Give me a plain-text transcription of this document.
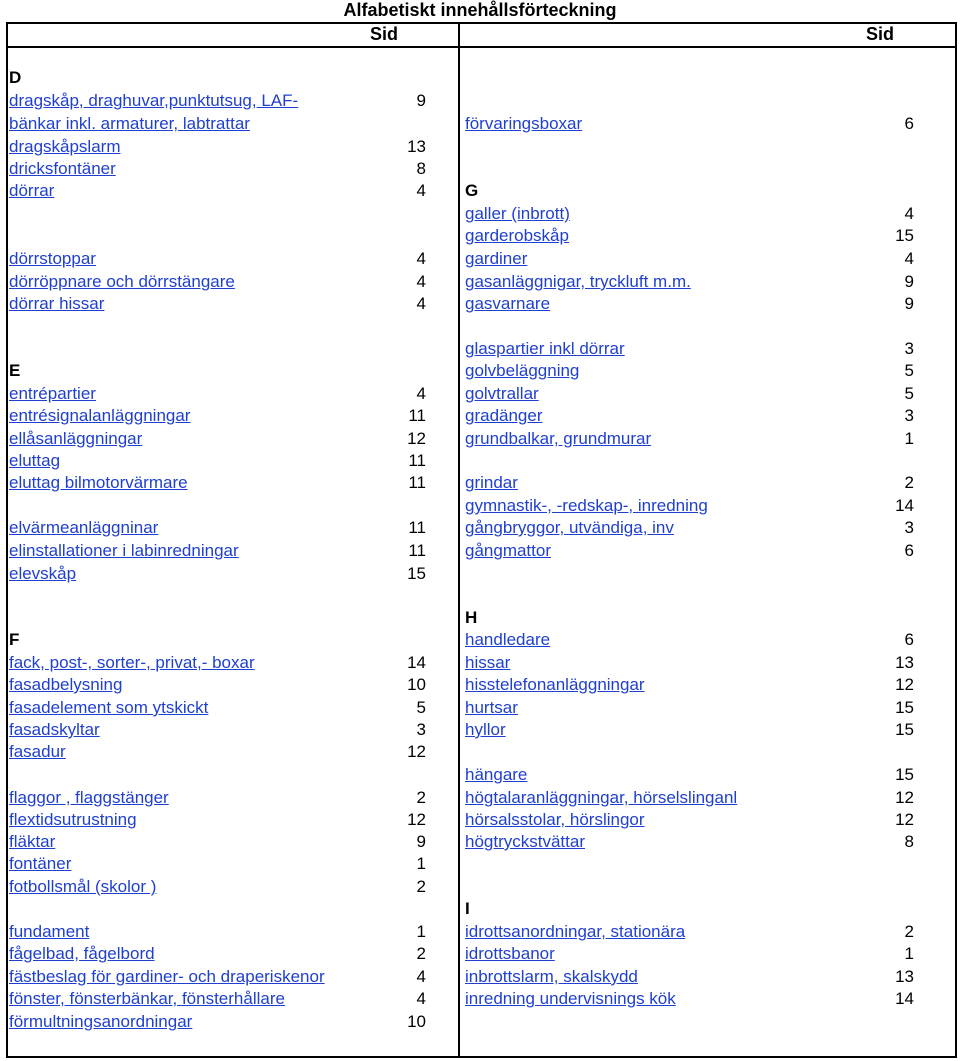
Alfabetiskt innehållsförteckning
Sid	Sid
D
dragskåp, draghuvar,punktutsug, LAF-	9
bänkar inkl. armaturer, labtrattar
dragskåpslarm	13
dricksfontäner	8
dörrar	4
dörrstoppar	4
dörröppnare och dörrstängare	4
dörrar hissar	4
E
entrépartier	4
entrésignalanläggningar	11
ellåsanläggningar	12
eluttag	11
eluttag bilmotorvärmare	11
elvärmeanläggninar	11
elinstallationer i labinredningar	11
elevskåp	15
F
fack, post-, sorter-, privat,- boxar	14
fasadbelysning	10
fasadelement som ytskickt	5
fasadskyltar	3
fasadur	12
flaggor , flaggstänger	2
flextidsutrustning	12
fläktar	9
fontäner	1
fotbollsmål (skolor )	2
fundament	1
fågelbad, fågelbord	2
fästbeslag för gardiner- och draperiskenor	4
fönster, fönsterbänkar, fönsterhållare	4
förmultningsanordningar	10
förvaringsboxar	6
G
galler (inbrott)	4
garderobskåp	15
gardiner	4
gasanläggnigar, tryckluft m.m.	9
gasvarnare	9
glaspartier inkl dörrar	3
golvbeläggning	5
golvtrallar	5
gradänger	3
grundbalkar, grundmurar	1
grindar	2
gymnastik-, -redskap-, inredning	14
gångbryggor, utvändiga, inv	3
gångmattor	6
H
handledare	6
hissar	13
hisstelefonanläggningar	12
hurtsar	15
hyllor	15
hängare	15
högtalaranläggningar, hörselslinganl	12
hörsalsstolar, hörslingor	12
högtryckstvättar	8
I
idrottsanordningar, stationära	2
idrottsbanor	1
inbrottslarm, skalskydd	13
inredning undervisnings kök	14
